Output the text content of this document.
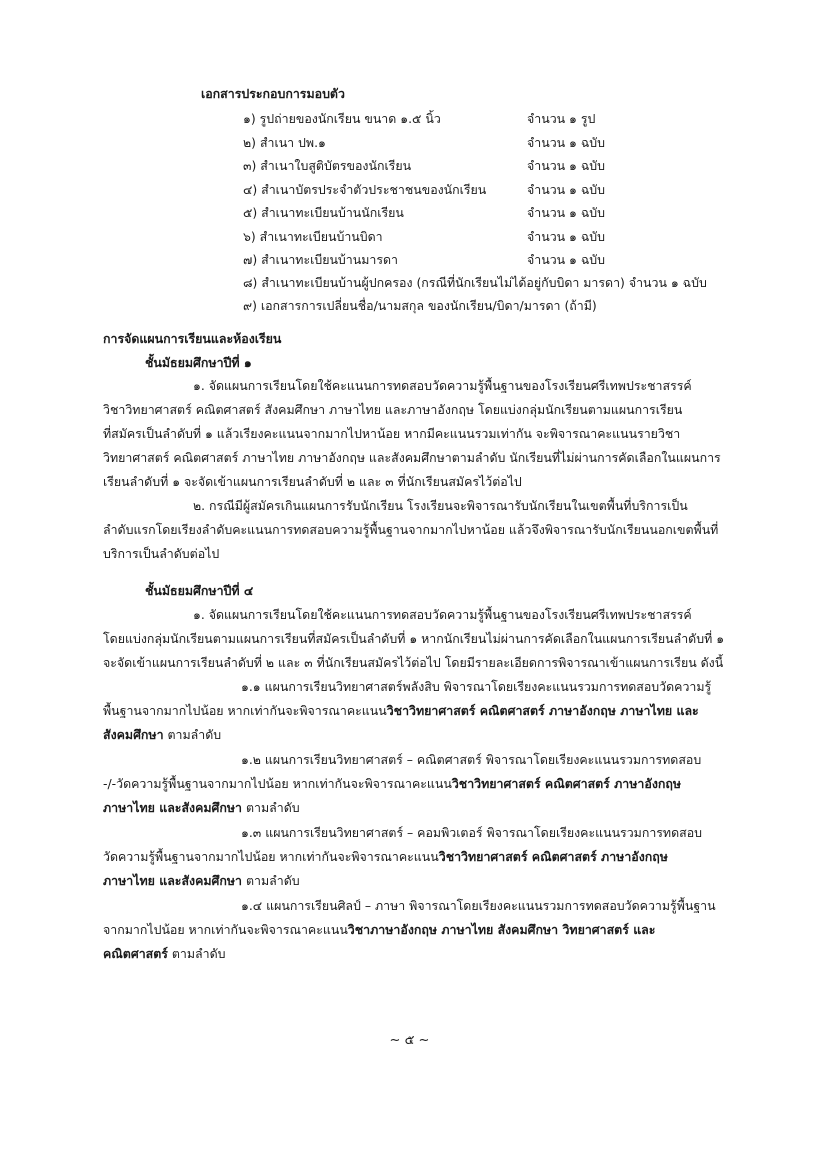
เอกสารประกอบการมอบตัว
๑) รูปถ่ายของนักเรียน ขนาด ๑.๕ นิ้ว	จำนวน ๑ รูป
๒) สำเนา ปพ.๑	จำนวน ๑ ฉบับ
๓) สำเนาใบสูติบัตรของนักเรียน	จำนวน ๑ ฉบับ
๔) สำเนาบัตรประจำตัวประชาชนของนักเรียน	จำนวน ๑ ฉบับ
๕) สำเนาทะเบียนบ้านนักเรียน	จำนวน ๑ ฉบับ
๖) สำเนาทะเบียนบ้านบิดา	จำนวน ๑ ฉบับ
๗) สำเนาทะเบียนบ้านมารดา	จำนวน ๑ ฉบับ
๘) สำเนาทะเบียนบ้านผู้ปกครอง (กรณีที่นักเรียนไม่ได้อยู่กับบิดา มารดา) จำนวน ๑ ฉบับ
๙) เอกสารการเปลี่ยนชื่อ/นามสกุล ของนักเรียน/บิดา/มารดา (ถ้ามี)
การจัดแผนการเรียนและห้องเรียน
ชั้นมัธยมศึกษาปีที่ ๑
๑. จัดแผนการเรียนโดยใช้คะแนนการทดสอบวัดความรู้พื้นฐานของโรงเรียนศรีเทพประชาสรรค์
วิชาวิทยาศาสตร์ คณิตศาสตร์ สังคมศึกษา ภาษาไทย และภาษาอังกฤษ โดยแบ่งกลุ่มนักเรียนตามแผนการเรียน
ที่สมัครเป็นลำดับที่ ๑ แล้วเรียงคะแนนจากมากไปหาน้อย หากมีคะแนนรวมเท่ากัน จะพิจารณาคะแนนรายวิชา
วิทยาศาสตร์ คณิตศาสตร์ ภาษาไทย ภาษาอังกฤษ และสังคมศึกษาตามลำดับ นักเรียนที่ไม่ผ่านการคัดเลือกในแผนการ
เรียนลำดับที่ ๑ จะจัดเข้าแผนการเรียนลำดับที่ ๒ และ ๓ ที่นักเรียนสมัครไว้ต่อไป
๒. กรณีมีผู้สมัครเกินแผนการรับนักเรียน โรงเรียนจะพิจารณารับนักเรียนในเขตพื้นที่บริการเป็น
ลำดับแรกโดยเรียงลำดับคะแนนการทดสอบความรู้พื้นฐานจากมากไปหาน้อย แล้วจึงพิจารณารับนักเรียนนอกเขตพื้นที่
บริการเป็นลำดับต่อไป
ชั้นมัธยมศึกษาปีที่ ๔
๑. จัดแผนการเรียนโดยใช้คะแนนการทดสอบวัดความรู้พื้นฐานของโรงเรียนศรีเทพประชาสรรค์
โดยแบ่งกลุ่มนักเรียนตามแผนการเรียนที่สมัครเป็นลำดับที่ ๑ หากนักเรียนไม่ผ่านการคัดเลือกในแผนการเรียนลำดับที่ ๑
จะจัดเข้าแผนการเรียนลำดับที่ ๒ และ ๓ ที่นักเรียนสมัครไว้ต่อไป โดยมีรายละเอียดการพิจารณาเข้าแผนการเรียน ดังนี้
๑.๑ แผนการเรียนวิทยาศาสตร์พลังสิบ พิจารณาโดยเรียงคะแนนรวมการทดสอบวัดความรู้
พื้นฐานจากมากไปน้อย หากเท่ากันจะพิจารณาคะแนนวิชาวิทยาศาสตร์ คณิตศาสตร์ ภาษาอังกฤษ ภาษาไทย และ
สังคมศึกษา ตามลำดับ
๑.๒ แผนการเรียนวิทยาศาสตร์ – คณิตศาสตร์ พิจารณาโดยเรียงคะแนนรวมการทดสอบ
-/-วัดความรู้พื้นฐานจากมากไปน้อย หากเท่ากันจะพิจารณาคะแนนวิชาวิทยาศาสตร์ คณิตศาสตร์ ภาษาอังกฤษ
ภาษาไทย และสังคมศึกษา ตามลำดับ
๑.๓ แผนการเรียนวิทยาศาสตร์ – คอมพิวเตอร์ พิจารณาโดยเรียงคะแนนรวมการทดสอบ
วัดความรู้พื้นฐานจากมากไปน้อย หากเท่ากันจะพิจารณาคะแนนวิชาวิทยาศาสตร์ คณิตศาสตร์ ภาษาอังกฤษ
ภาษาไทย และสังคมศึกษา ตามลำดับ
๑.๔ แผนการเรียนศิลป์ – ภาษา พิจารณาโดยเรียงคะแนนรวมการทดสอบวัดความรู้พื้นฐาน
จากมากไปน้อย หากเท่ากันจะพิจารณาคะแนนวิชาภาษาอังกฤษ ภาษาไทย สังคมศึกษา วิทยาศาสตร์ และ
คณิตศาสตร์ ตามลำดับ
~ ๕ ~
